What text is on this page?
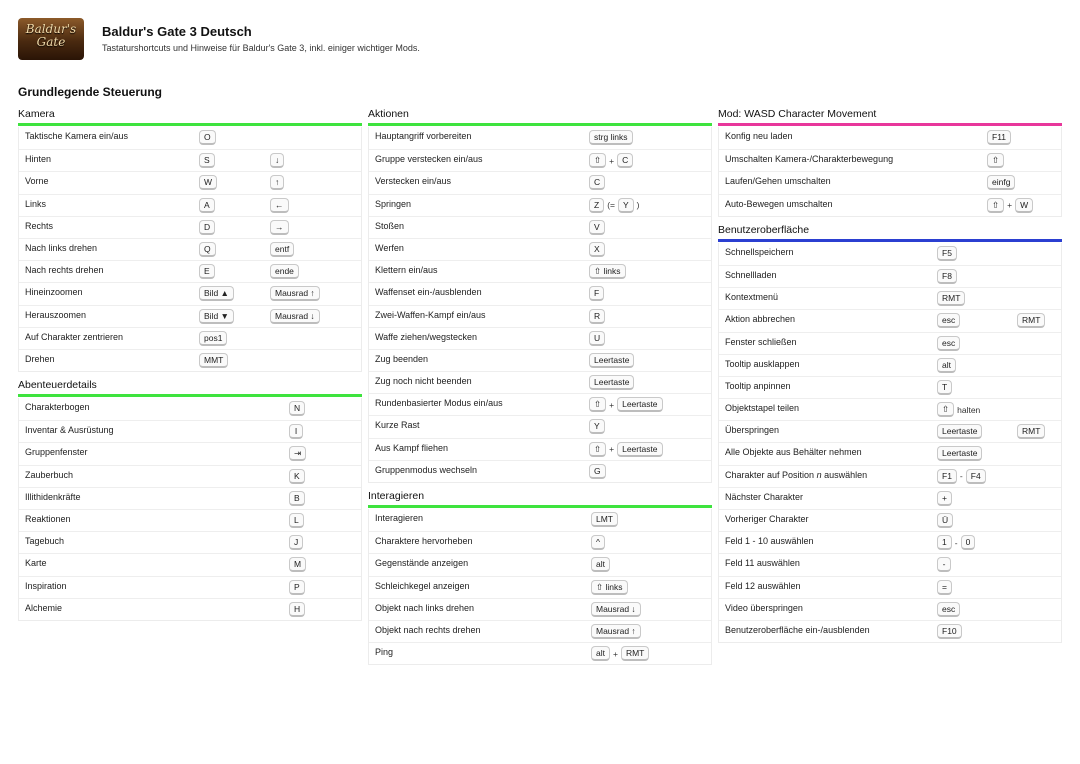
Baldur's
Gate
Baldur's Gate 3 Deutsch
Tastaturshortcuts und Hinweise für Baldur's Gate 3, inkl. einiger wichtiger Mods.
Grundlegende Steuerung
Kamera
Taktische Kamera ein/aus	O
Hinten	S	↓
Vorne	W	↑
Links	A	←
Rechts	D	→
Nach links drehen	Q	entf
Nach rechts drehen	E	ende
Hineinzoomen	Bild ▲	Mausrad ↑
Herauszoomen	Bild ▼	Mausrad ↓
Auf Charakter zentrieren	pos1
Drehen	MMT
Abenteuerdetails
Charakterbogen	N
Inventar & Ausrüstung	I
Gruppenfenster	⇥
Zauberbuch	K
Illithidenkräfte	B
Reaktionen	L
Tagebuch	J
Karte	M
Inspiration	P
Alchemie	H
Aktionen
Hauptangriff vorbereiten	strg links
Gruppe verstecken ein/aus	⇧ + C
Verstecken ein/aus	C
Springen	Z (= Y )
Stoßen	V
Werfen	X
Klettern ein/aus	⇧ links
Waffenset ein-/ausblenden	F
Zwei-Waffen-Kampf ein/aus	R
Waffe ziehen/wegstecken	U
Zug beenden	Leertaste
Zug noch nicht beenden	Leertaste
Rundenbasierter Modus ein/aus	⇧ + Leertaste
Kurze Rast	Y
Aus Kampf fliehen	⇧ + Leertaste
Gruppenmodus wechseln	G
Interagieren
Interagieren	LMT
Charaktere hervorheben	^
Gegenstände anzeigen	alt
Schleichkegel anzeigen	⇧ links
Objekt nach links drehen	Mausrad ↓
Objekt nach rechts drehen	Mausrad ↑
Ping	alt + RMT
Mod: WASD Character Movement
Konfig neu laden	F11
Umschalten Kamera-/Charakterbewegung	⇧
Laufen/Gehen umschalten	einfg
Auto-Bewegen umschalten	⇧ + W
Benutzeroberfläche
Schnellspeichern	F5
Schnellladen	F8
Kontextmenü	RMT
Aktion abbrechen	esc	RMT
Fenster schließen	esc
Tooltip ausklappen	alt
Tooltip anpinnen	T
Objektstapel teilen	⇧ halten
Überspringen	Leertaste	RMT
Alle Objekte aus Behälter nehmen	Leertaste
Charakter auf Position n auswählen	F1 - F4
Nächster Charakter	+
Vorheriger Charakter	Ü
Feld 1 - 10 auswählen	1 - 0
Feld 11 auswählen	-
Feld 12 auswählen	=
Video überspringen	esc
Benutzeroberfläche ein-/ausblenden	F10
